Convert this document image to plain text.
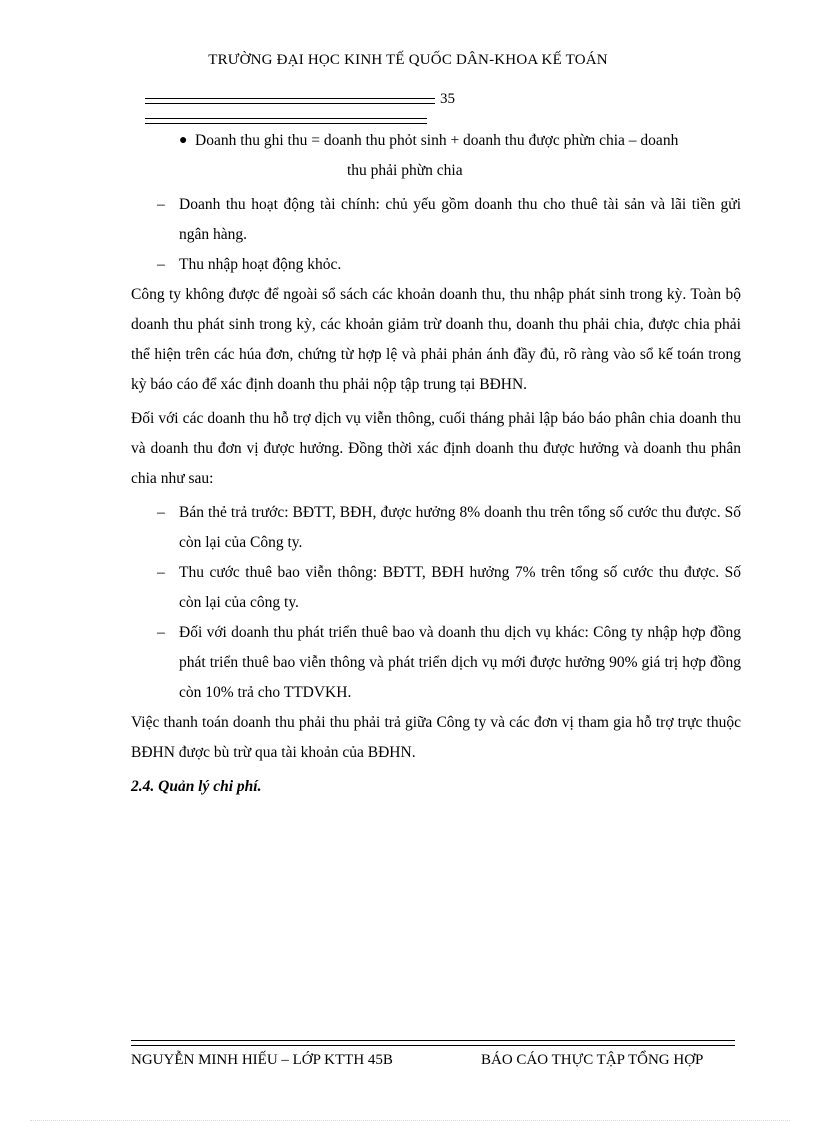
TRƯỜNG ĐẠI HỌC KINH TẾ QUỐC DÂN-KHOA KẾ TOÁN
35
● Doanh thu ghi thu = doanh thu phỏt sinh + doanh thu được phừn chia – doanh
thu phải phừn chia

– Doanh thu hoạt động tài chính: chủ yếu gồm doanh thu cho thuê tài sản và lãi tiền gửi ngân hàng.

– Thu nhập hoạt động khỏc.

Công ty không được để ngoài sổ sách các khoản doanh thu, thu nhập phát sinh trong kỳ. Toàn bộ doanh thu phát sinh trong kỳ, các khoản giảm trừ doanh thu, doanh thu phải chia, được chia phải thể hiện trên các húa đơn, chứng từ hợp lệ và phải phản ánh đầy đủ, rõ ràng vào sổ kế toán trong kỳ báo cáo để xác định doanh thu phải nộp tập trung tại BĐHN.

Đối với các doanh thu hỗ trợ dịch vụ viễn thông, cuối tháng phải lập báo báo phân chia doanh thu và doanh thu đơn vị được hưởng. Đồng thời xác định doanh thu được hưởng và doanh thu phân chia như sau:

– Bán thẻ trả trước: BĐTT, BĐH, được hưởng 8% doanh thu trên tổng số cước thu được. Số còn lại của Công ty.

– Thu cước thuê bao viễn thông: BĐTT, BĐH hưởng 7% trên tổng số cước thu được. Số còn lại của công ty.

– Đối với doanh thu phát triển thuê bao và doanh thu dịch vụ khác: Công ty nhập hợp đồng phát triển thuê bao viễn thông và phát triển dịch vụ mới được hưởng 90% giá trị hợp đồng còn 10% trả cho TTDVKH.

Việc thanh toán doanh thu phải thu phải trả giữa Công ty và các đơn vị tham gia hỗ trợ trực thuộc BĐHN được bù trừ qua tài khoản của BĐHN.

2.4. Quản lý chi phí.

NGUYỄN MINH HIẾU – LỚP KTTH 45B	BÁO CÁO THỰC TẬP TỔNG HỢP
